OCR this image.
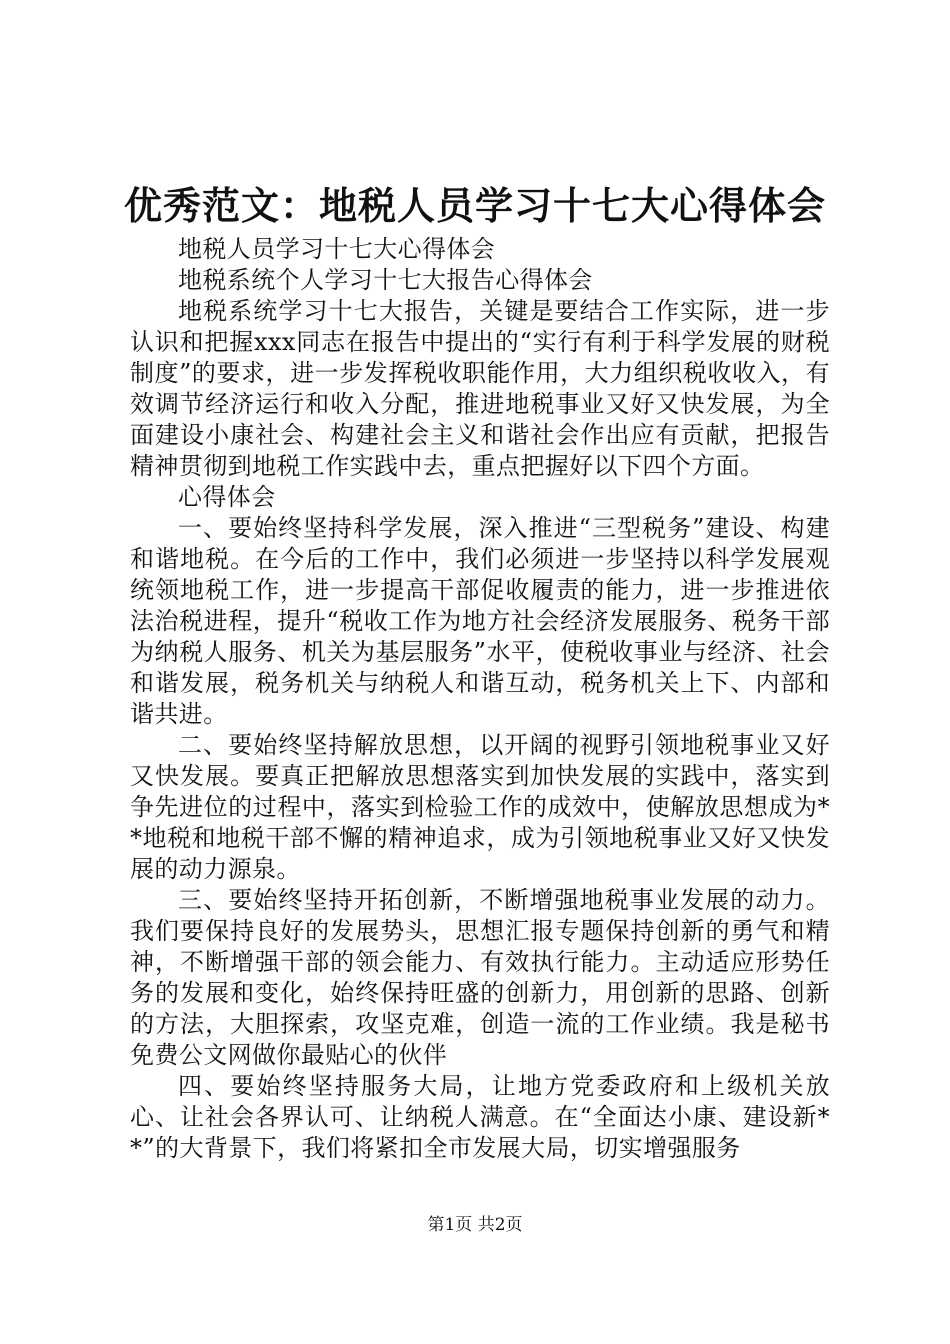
优秀范文：地税人员学习十七大心得体会

地税人员学习十七大心得体会

地税系统个人学习十七大报告心得体会

地税系统学习十七大报告，关键是要结合工作实际，进一步认识和把握xxx同志在报告中提出的“实行有利于科学发展的财税制度”的要求，进一步发挥税收职能作用，大力组织税收收入，有效调节经济运行和收入分配，推进地税事业又好又快发展，为全面建设小康社会、构建社会主义和谐社会作出应有贡献，把报告精神贯彻到地税工作实践中去，重点把握好以下四个方面。

心得体会

一、要始终坚持科学发展，深入推进“三型税务”建设、构建和谐地税。在今后的工作中，我们必须进一步坚持以科学发展观统领地税工作，进一步提高干部促收履责的能力，进一步推进依法治税进程，提升“税收工作为地方社会经济发展服务、税务干部为纳税人服务、机关为基层服务”水平，使税收事业与经济、社会和谐发展，税务机关与纳税人和谐互动，税务机关上下、内部和谐共进。

二、要始终坚持解放思想，以开阔的视野引领地税事业又好又快发展。要真正把解放思想落实到加快发展的实践中，落实到争先进位的过程中，落实到检验工作的成效中，使解放思想成为**地税和地税干部不懈的精神追求，成为引领地税事业又好又快发展的动力源泉。

三、要始终坚持开拓创新，不断增强地税事业发展的动力。我们要保持良好的发展势头，思想汇报专题保持创新的勇气和精神，不断增强干部的领会能力、有效执行能力。主动适应形势任务的发展和变化，始终保持旺盛的创新力，用创新的思路、创新的方法，大胆探索，攻坚克难，创造一流的工作业绩。我是秘书免费公文网做你最贴心的伙伴

四、要始终坚持服务大局，让地方党委政府和上级机关放心、让社会各界认可、让纳税人满意。在“全面达小康、建设新**”的大背景下，我们将紧扣全市发展大局，切实增强服务

第1页 共2页
